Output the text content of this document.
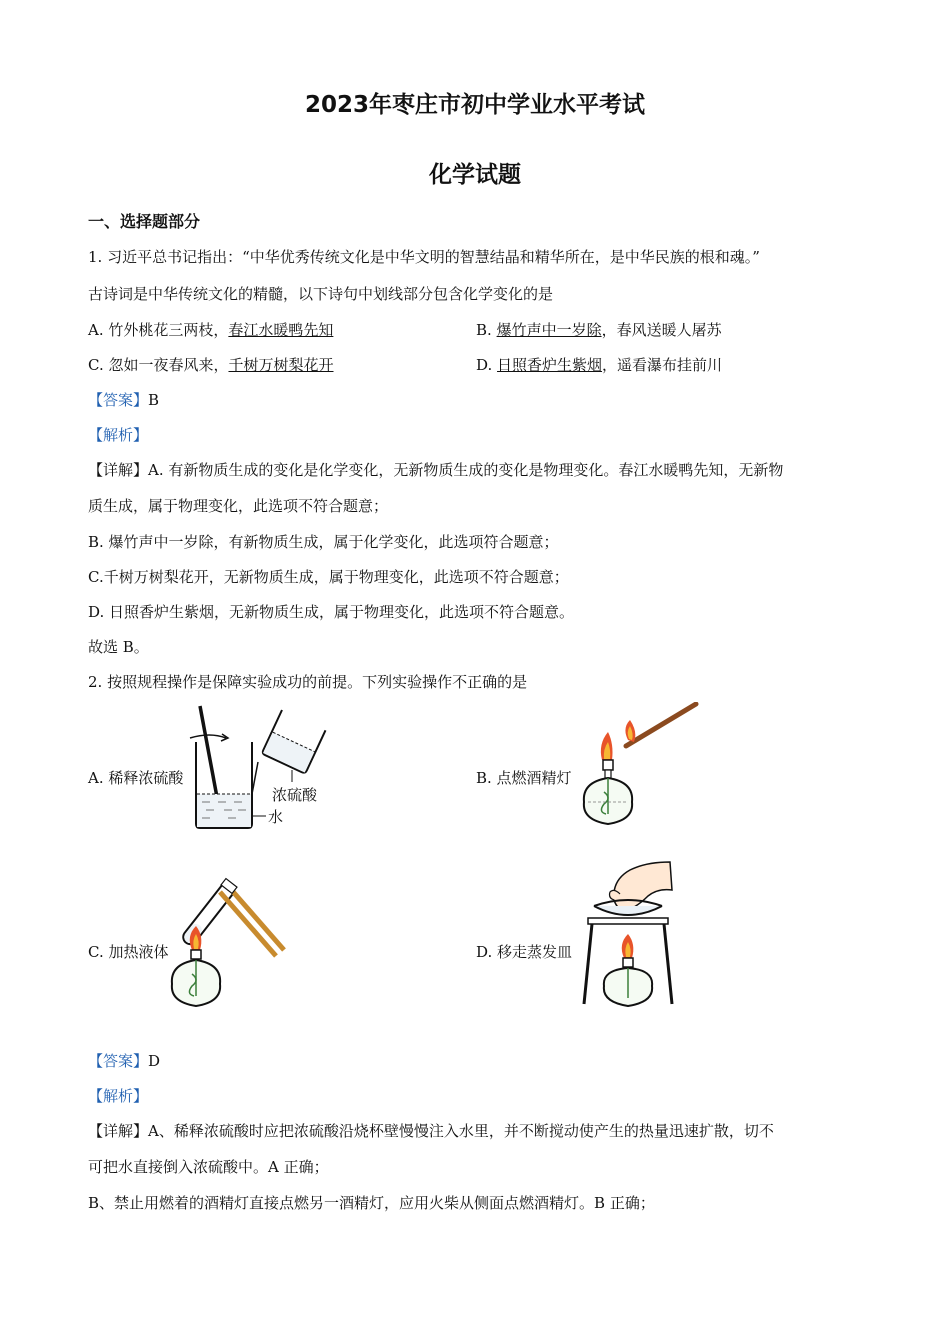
2023年枣庄市初中学业水平考试
化学试题
一、选择题部分
1. 习近平总书记指出：“中华优秀传统文化是中华文明的智慧结晶和精华所在，是中华民族的根和魂。”
古诗词是中华传统文化的精髓，以下诗句中划线部分包含化学变化的是
A. 竹外桃花三两枝，春江水暖鸭先知	B. 爆竹声中一岁除，春风送暖人屠苏
C. 忽如一夜春风来，千树万树梨花开	D. 日照香炉生紫烟，遥看瀑布挂前川
【答案】B
【解析】
【详解】A. 有新物质生成的变化是化学变化，无新物质生成的变化是物理变化。春江水暖鸭先知，无新物
质生成，属于物理变化，此选项不符合题意；
B. 爆竹声中一岁除，有新物质生成，属于化学变化，此选项符合题意；
C.千树万树梨花开，无新物质生成，属于物理变化，此选项不符合题意；
D. 日照香炉生紫烟，无新物质生成，属于物理变化，此选项不符合题意。
故选 B。
2. 按照规程操作是保障实验成功的前提。下列实验操作不正确的是
A. 稀释浓硫酸	B. 点燃酒精灯
C. 加热液体	D. 移走蒸发皿
浓硫酸
水
【答案】D
【解析】
【详解】A、稀释浓硫酸时应把浓硫酸沿烧杯壁慢慢注入水里，并不断搅动使产生的热量迅速扩散，切不
可把水直接倒入浓硫酸中。A 正确；
B、禁止用燃着的酒精灯直接点燃另一酒精灯，应用火柴从侧面点燃酒精灯。B 正确；
